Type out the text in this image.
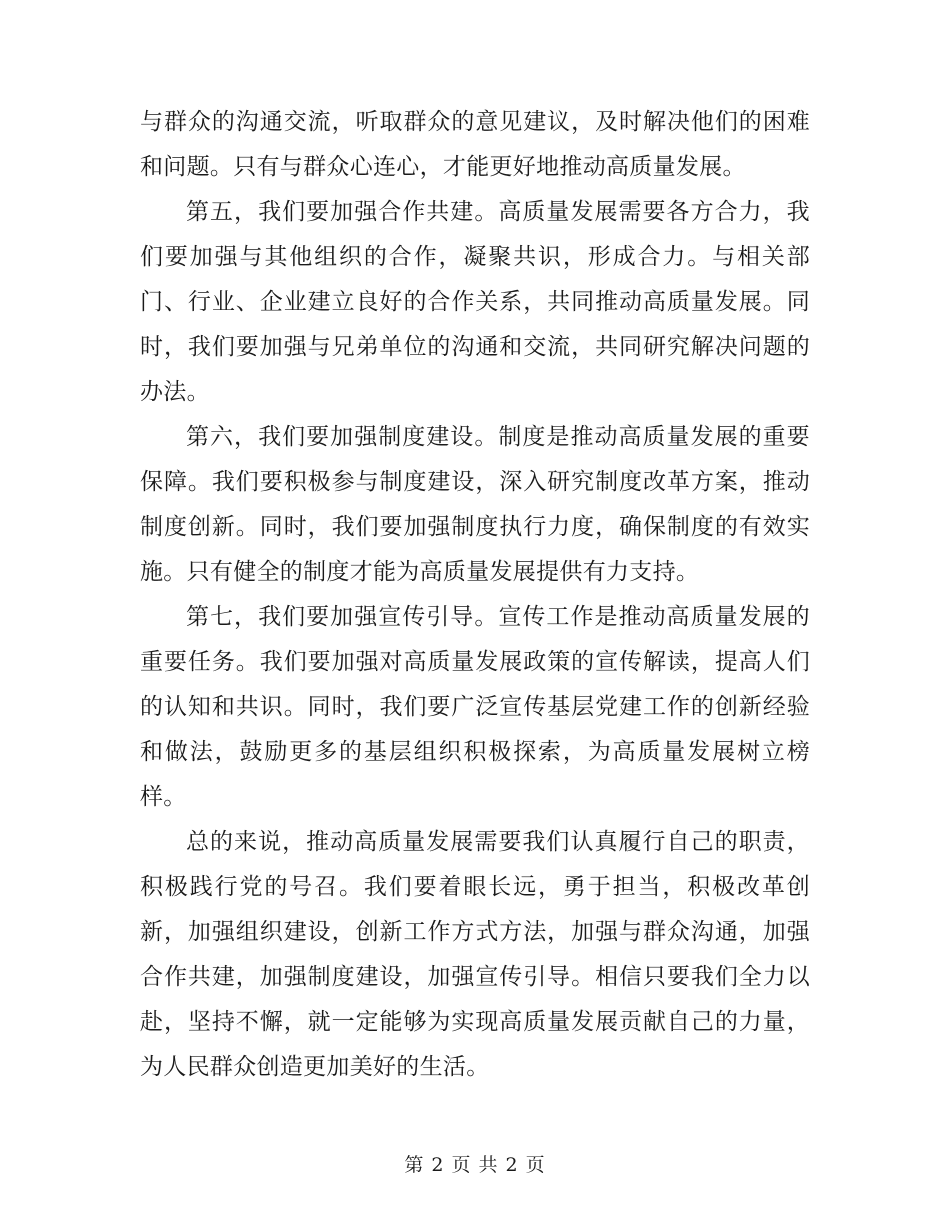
与群众的沟通交流，听取群众的意见建议，及时解决他们的困难和问题。只有与群众心连心，才能更好地推动高质量发展。

第五，我们要加强合作共建。高质量发展需要各方合力，我们要加强与其他组织的合作，凝聚共识，形成合力。与相关部门、行业、企业建立良好的合作关系，共同推动高质量发展。同时，我们要加强与兄弟单位的沟通和交流，共同研究解决问题的办法。

第六，我们要加强制度建设。制度是推动高质量发展的重要保障。我们要积极参与制度建设，深入研究制度改革方案，推动制度创新。同时，我们要加强制度执行力度，确保制度的有效实施。只有健全的制度才能为高质量发展提供有力支持。

第七，我们要加强宣传引导。宣传工作是推动高质量发展的重要任务。我们要加强对高质量发展政策的宣传解读，提高人们的认知和共识。同时，我们要广泛宣传基层党建工作的创新经验和做法，鼓励更多的基层组织积极探索，为高质量发展树立榜样。

总的来说，推动高质量发展需要我们认真履行自己的职责，积极践行党的号召。我们要着眼长远，勇于担当，积极改革创新，加强组织建设，创新工作方式方法，加强与群众沟通，加强合作共建，加强制度建设，加强宣传引导。相信只要我们全力以赴，坚持不懈，就一定能够为实现高质量发展贡献自己的力量，为人民群众创造更加美好的生活。

第 2 页 共 2 页
